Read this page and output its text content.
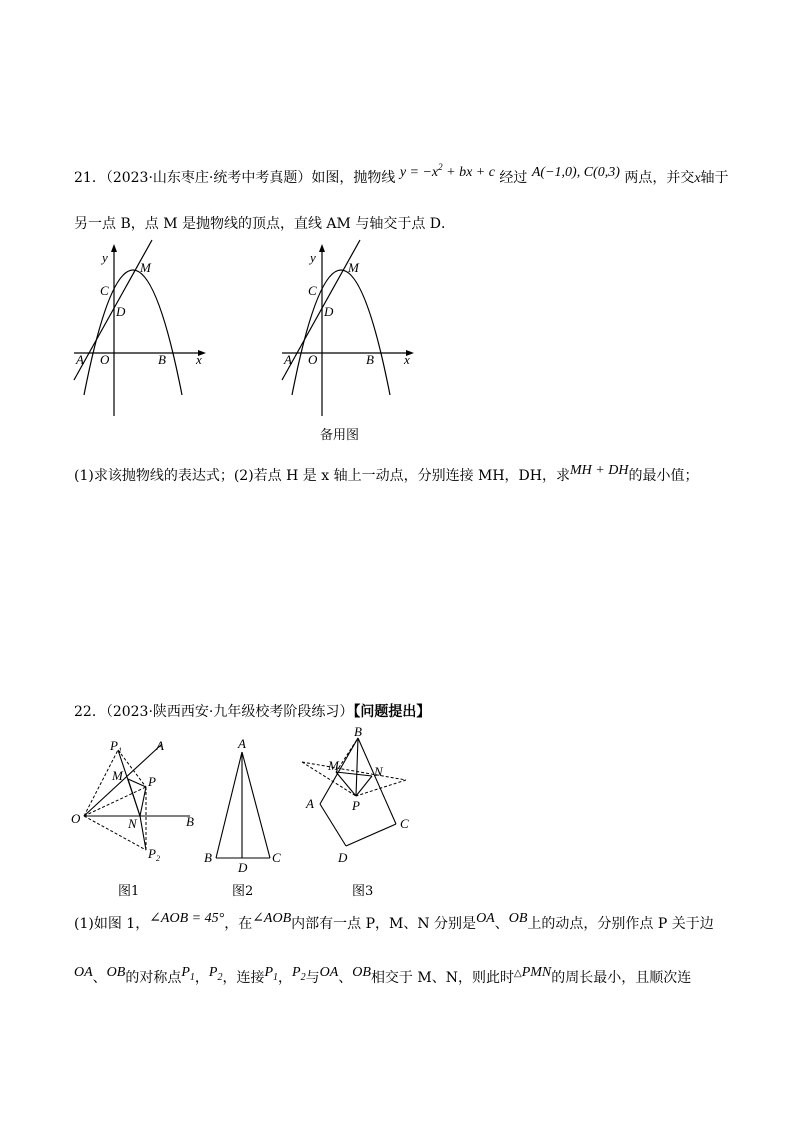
21．（2023·山东枣庄·统考中考真题）如图，抛物线 $y = -x^2$ + bx + c 经过 A(−1,0), C(0,3) 两点，并交x轴于
另一点 B，点 M 是抛物线的顶点，直线 AM 与轴交于点 D．
y
M
C
D
A O	B x
y
M
C
D
A O	B x
备用图
(1)求该抛物线的表达式；(2)若点 H 是 x 轴上一动点，分别连接 MH，DH，求MH + DH的最小值；
22．（2023·陕西西安·九年级校考阶段练习）【问题提出】
$P_1$	A
M P
O	N	B
$P_2$
A
B
D
C
B
M	N
A	P
C
D
图1	图2	图3
(1)如图 1，∠AOB = 45°，在∠AOB内部有一点 P，M、N 分别是OA、OB上的动点，分别作点 P 关于边
OA、OB的对称点$P_1$，$P_2$，连接$P_1$，$P_2$与OA、OB相交于 M、N，则此时△PMN的周长最小，且顺次连
